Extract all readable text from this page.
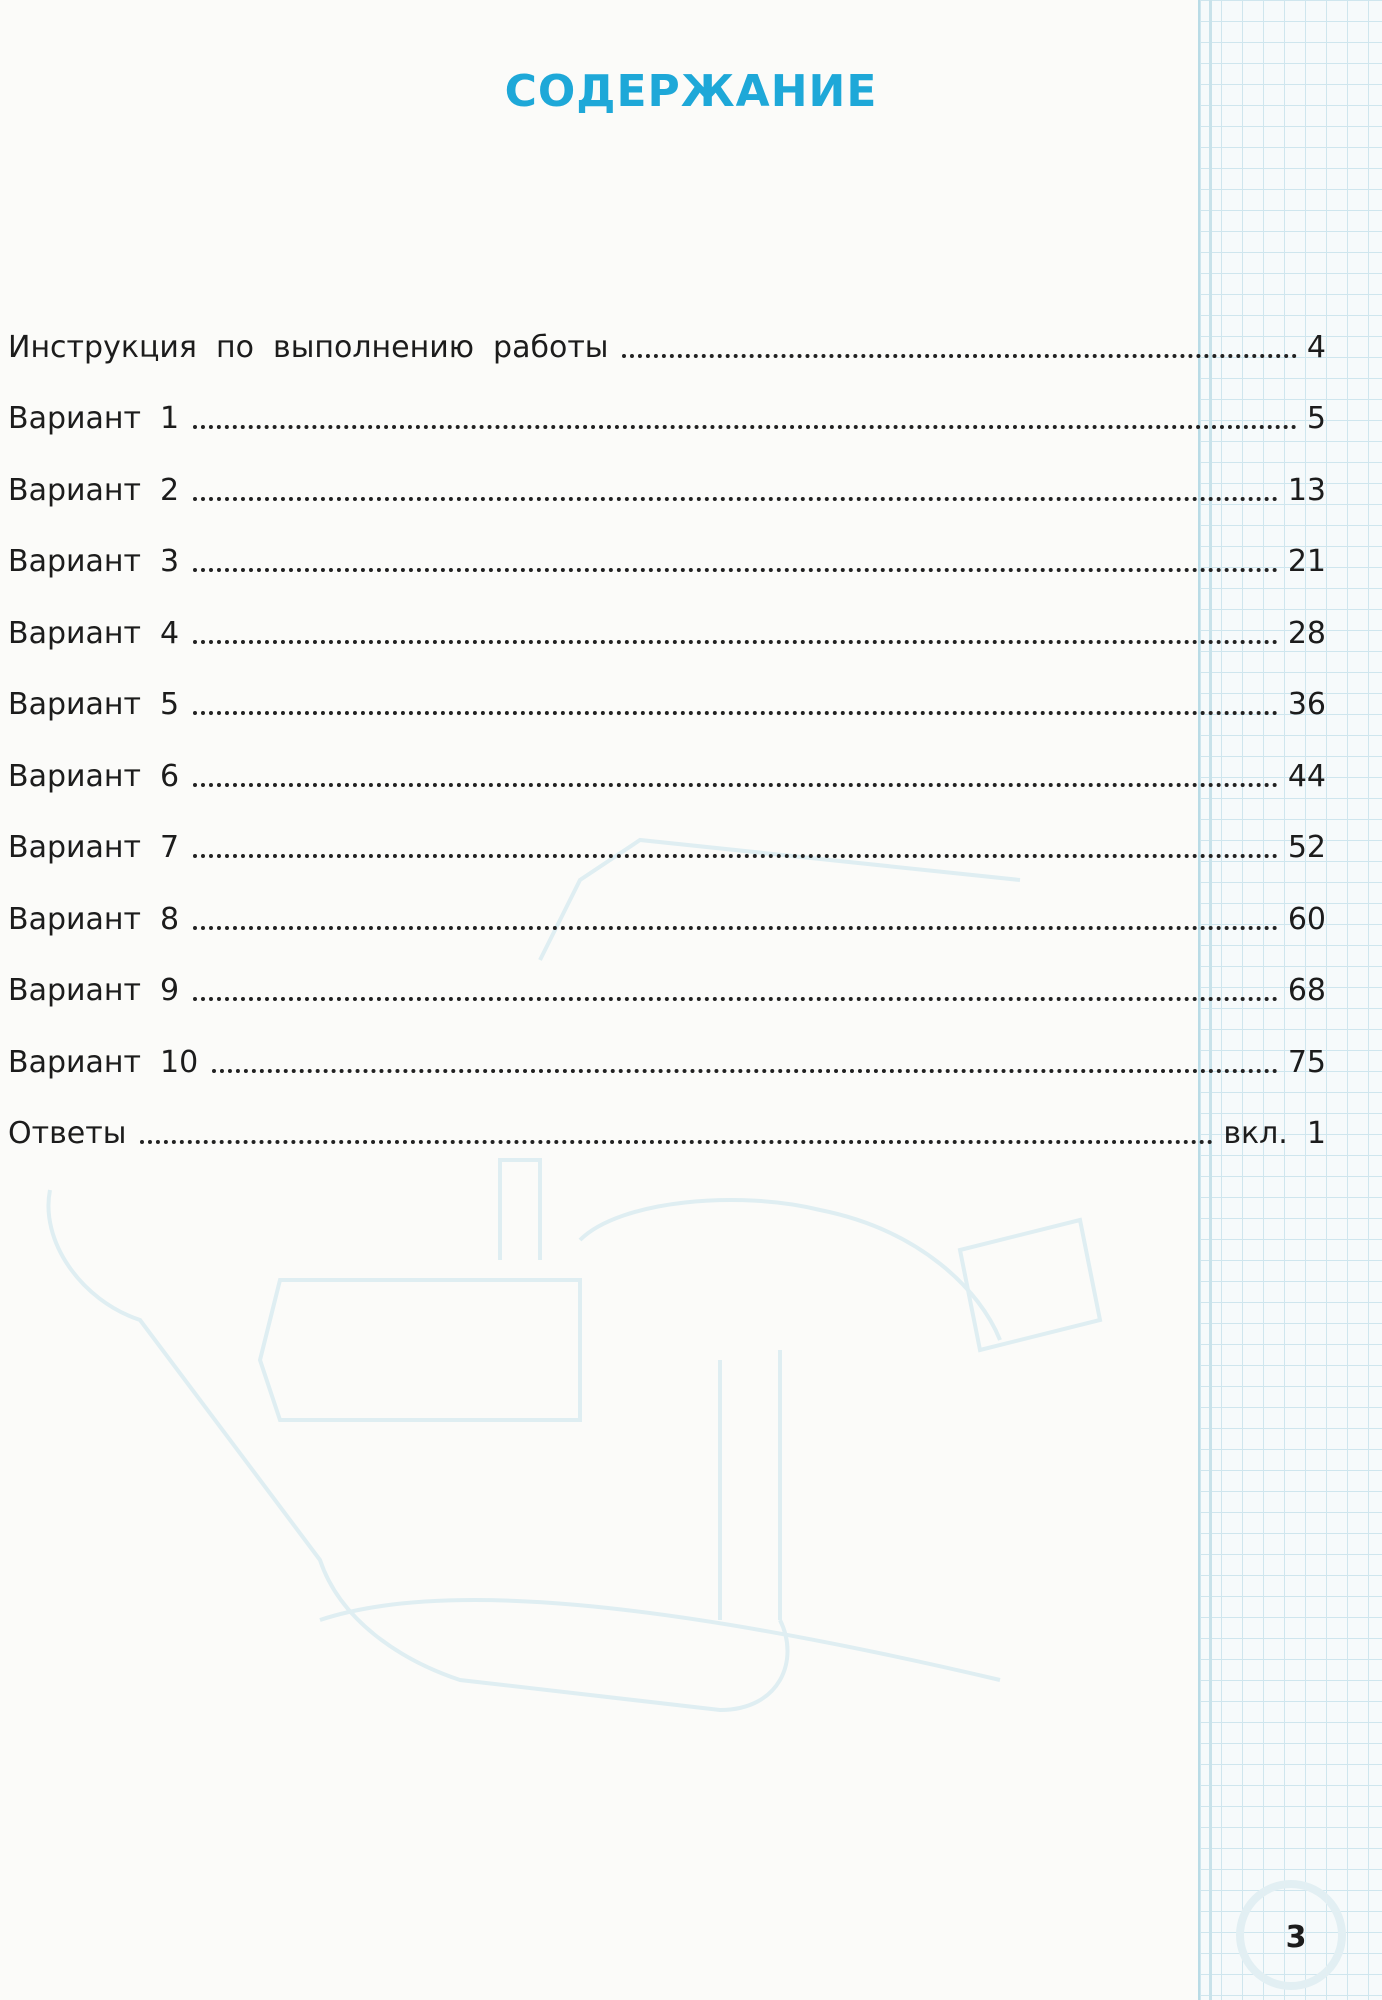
СОДЕРЖАНИЕ
Инструкция  по  выполнению  работы	4
Вариант  1	5
Вариант  2	13
Вариант  3	21
Вариант  4	28
Вариант  5	36
Вариант  6	44
Вариант  7	52
Вариант  8	60
Вариант  9	68
Вариант  10	75
Ответы	вкл.  1
3
